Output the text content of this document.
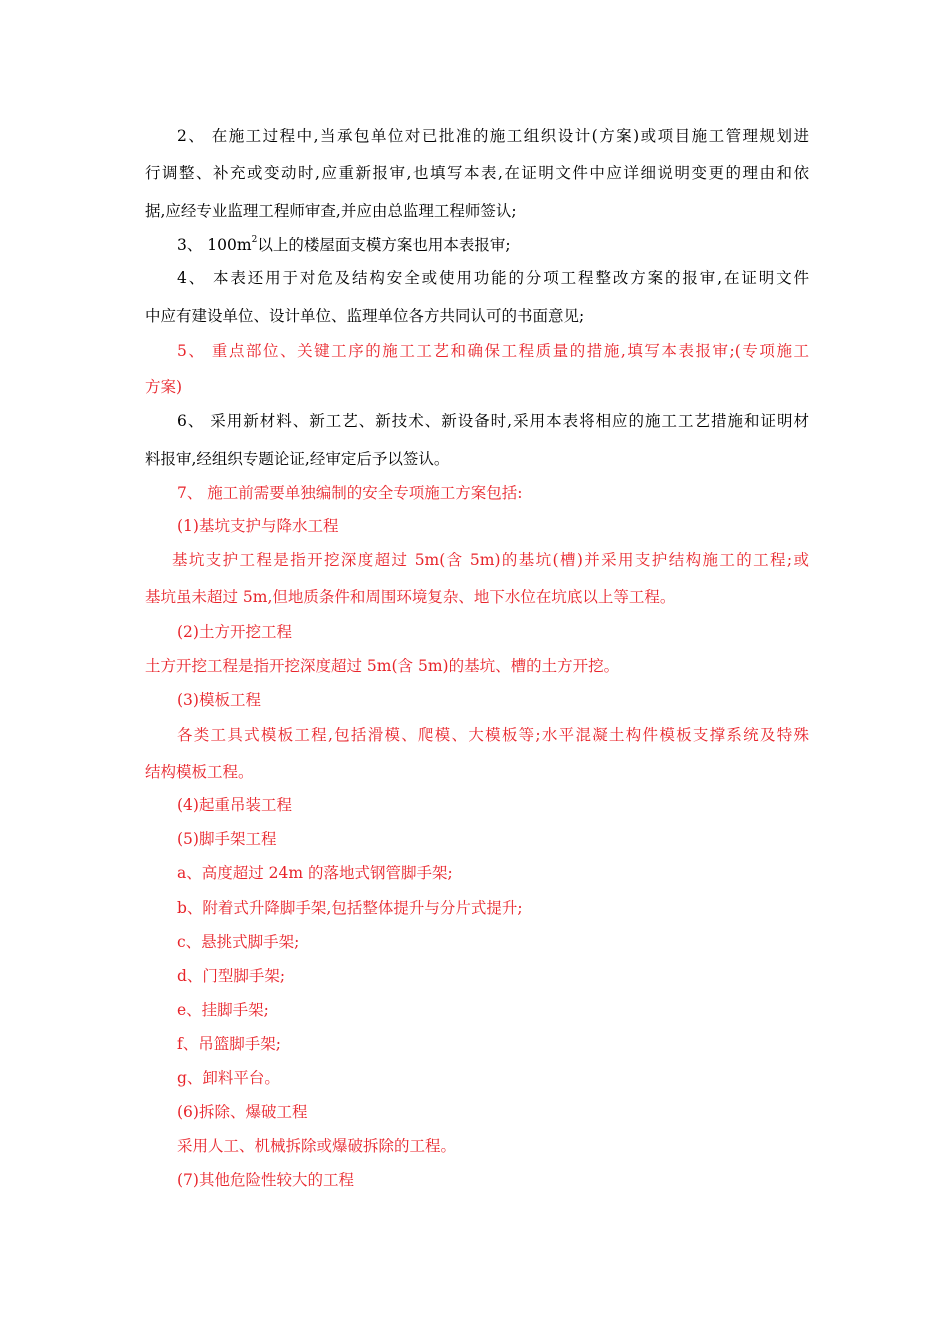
2、 在施工过程中,当承包单位对已批准的施工组织设计(方案)或项目施工管理规划进
行调整、补充或变动时,应重新报审,也填写本表,在证明文件中应详细说明变更的理由和依
据,应经专业监理工程师审查,并应由总监理工程师签认;
3、 $100m^2$以上的楼屋面支模方案也用本表报审;
4、 本表还用于对危及结构安全或使用功能的分项工程整改方案的报审,在证明文件
中应有建设单位、设计单位、监理单位各方共同认可的书面意见;
5、 重点部位、关键工序的施工工艺和确保工程质量的措施,填写本表报审;(专项施工
方案)
6、 采用新材料、新工艺、新技术、新设备时,采用本表将相应的施工工艺措施和证明材
料报审,经组织专题论证,经审定后予以签认。
7、 施工前需要单独编制的安全专项施工方案包括:
(1)基坑支护与降水工程
基坑支护工程是指开挖深度超过 5m(含 5m)的基坑(槽)并采用支护结构施工的工程;或
基坑虽未超过 5m,但地质条件和周围环境复杂、地下水位在坑底以上等工程。
(2)土方开挖工程
土方开挖工程是指开挖深度超过 5m(含 5m)的基坑、槽的土方开挖。
(3)模板工程
各类工具式模板工程,包括滑模、爬模、大模板等;水平混凝土构件模板支撑系统及特殊
结构模板工程。
(4)起重吊装工程
(5)脚手架工程
a、高度超过 24m 的落地式钢管脚手架;
b、附着式升降脚手架,包括整体提升与分片式提升;
c、悬挑式脚手架;
d、门型脚手架;
e、挂脚手架;
f、吊篮脚手架;
g、卸料平台。
(6)拆除、爆破工程
采用人工、机械拆除或爆破拆除的工程。
(7)其他危险性较大的工程
